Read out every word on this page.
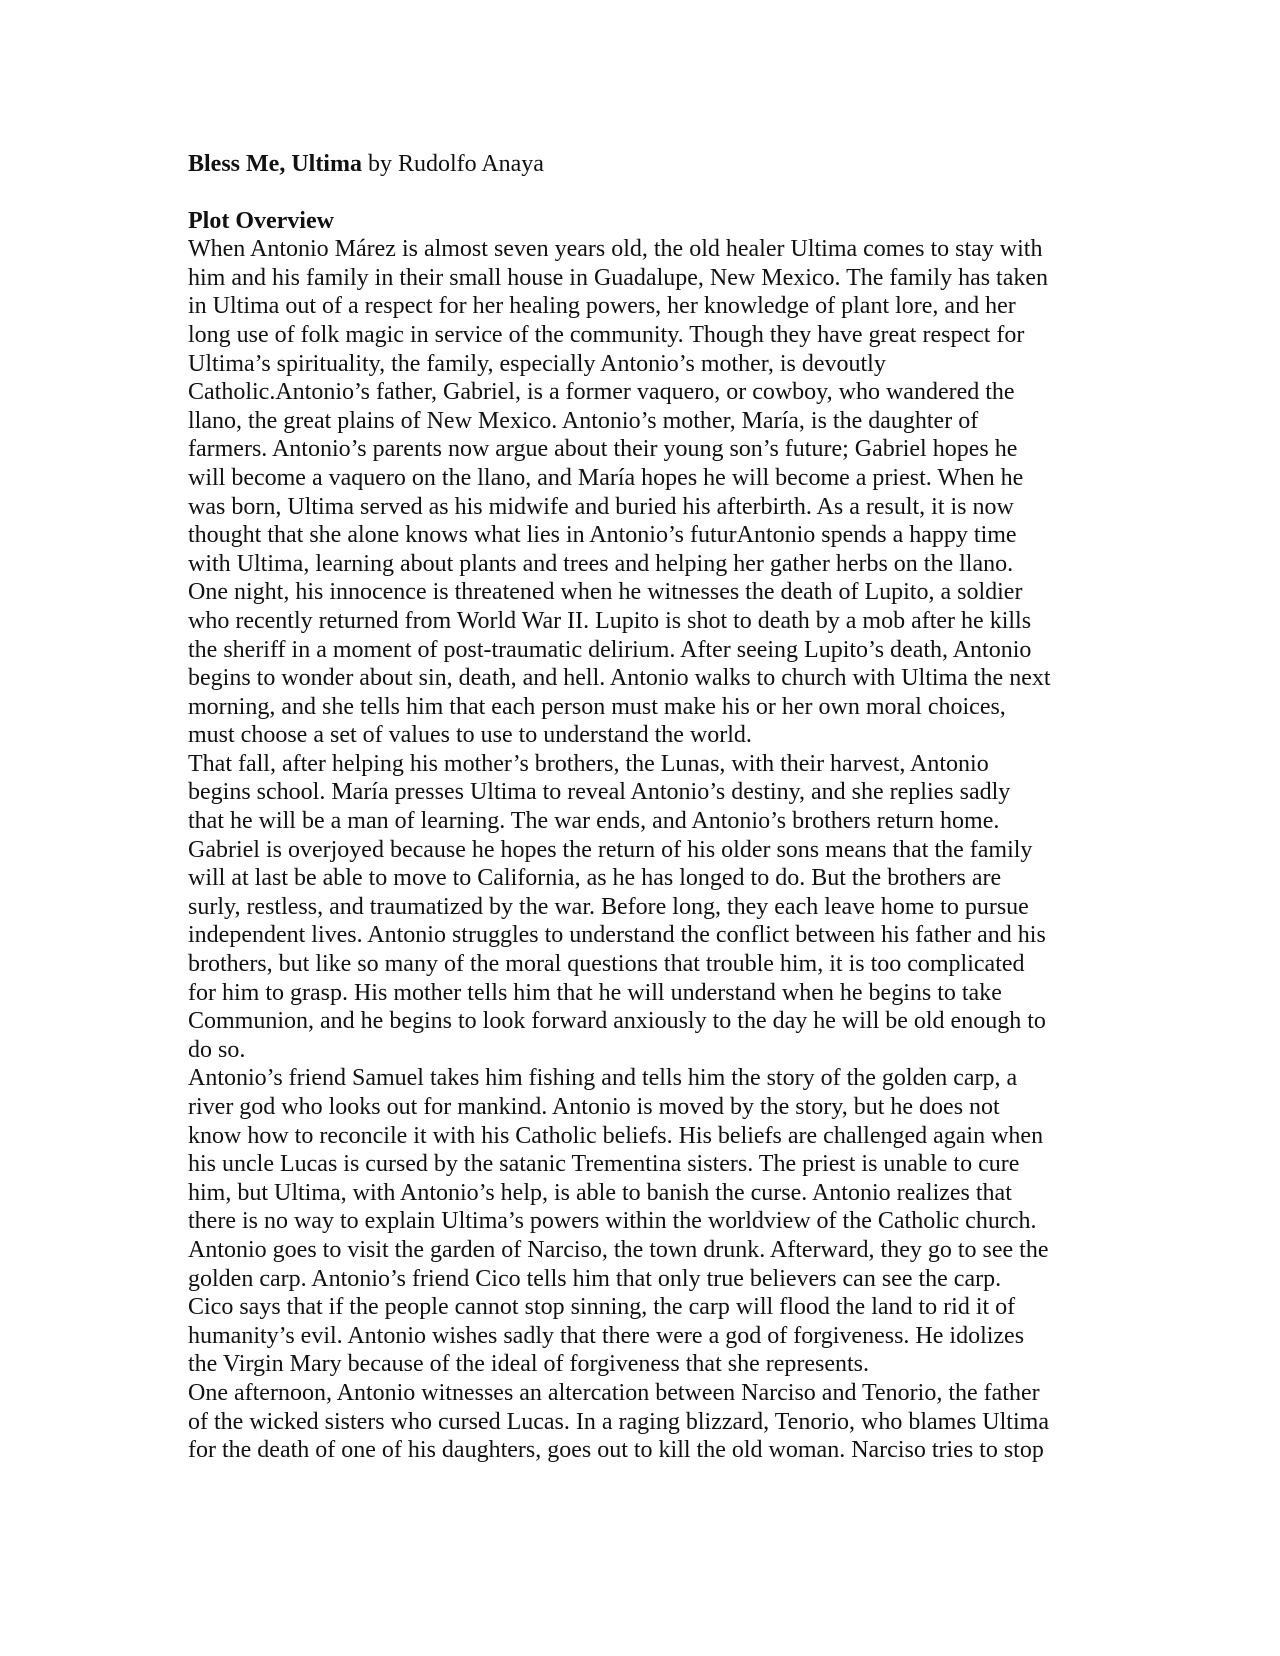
Bless Me, Ultima by Rudolfo Anaya

Plot Overview

When Antonio Márez is almost seven years old, the old healer Ultima comes to stay with
him and his family in their small house in Guadalupe, New Mexico. The family has taken
in Ultima out of a respect for her healing powers, her knowledge of plant lore, and her
long use of folk magic in service of the community. Though they have great respect for
Ultima’s spirituality, the family, especially Antonio’s mother, is devoutly
Catholic.Antonio’s father, Gabriel, is a former vaquero, or cowboy, who wandered the
llano, the great plains of New Mexico. Antonio’s mother, María, is the daughter of
farmers. Antonio’s parents now argue about their young son’s future; Gabriel hopes he
will become a vaquero on the llano, and María hopes he will become a priest. When he
was born, Ultima served as his midwife and buried his afterbirth. As a result, it is now
thought that she alone knows what lies in Antonio’s futurAntonio spends a happy time
with Ultima, learning about plants and trees and helping her gather herbs on the llano.
One night, his innocence is threatened when he witnesses the death of Lupito, a soldier
who recently returned from World War II. Lupito is shot to death by a mob after he kills
the sheriff in a moment of post-traumatic delirium. After seeing Lupito’s death, Antonio
begins to wonder about sin, death, and hell. Antonio walks to church with Ultima the next
morning, and she tells him that each person must make his or her own moral choices,
must choose a set of values to use to understand the world.
That fall, after helping his mother’s brothers, the Lunas, with their harvest, Antonio
begins school. María presses Ultima to reveal Antonio’s destiny, and she replies sadly
that he will be a man of learning. The war ends, and Antonio’s brothers return home.
Gabriel is overjoyed because he hopes the return of his older sons means that the family
will at last be able to move to California, as he has longed to do. But the brothers are
surly, restless, and traumatized by the war. Before long, they each leave home to pursue
independent lives. Antonio struggles to understand the conflict between his father and his
brothers, but like so many of the moral questions that trouble him, it is too complicated
for him to grasp. His mother tells him that he will understand when he begins to take
Communion, and he begins to look forward anxiously to the day he will be old enough to
do so.
Antonio’s friend Samuel takes him fishing and tells him the story of the golden carp, a
river god who looks out for mankind. Antonio is moved by the story, but he does not
know how to reconcile it with his Catholic beliefs. His beliefs are challenged again when
his uncle Lucas is cursed by the satanic Trementina sisters. The priest is unable to cure
him, but Ultima, with Antonio’s help, is able to banish the curse. Antonio realizes that
there is no way to explain Ultima’s powers within the worldview of the Catholic church.
Antonio goes to visit the garden of Narciso, the town drunk. Afterward, they go to see the
golden carp. Antonio’s friend Cico tells him that only true believers can see the carp.
Cico says that if the people cannot stop sinning, the carp will flood the land to rid it of
humanity’s evil. Antonio wishes sadly that there were a god of forgiveness. He idolizes
the Virgin Mary because of the ideal of forgiveness that she represents.
One afternoon, Antonio witnesses an altercation between Narciso and Tenorio, the father
of the wicked sisters who cursed Lucas. In a raging blizzard, Tenorio, who blames Ultima
for the death of one of his daughters, goes out to kill the old woman. Narciso tries to stop
